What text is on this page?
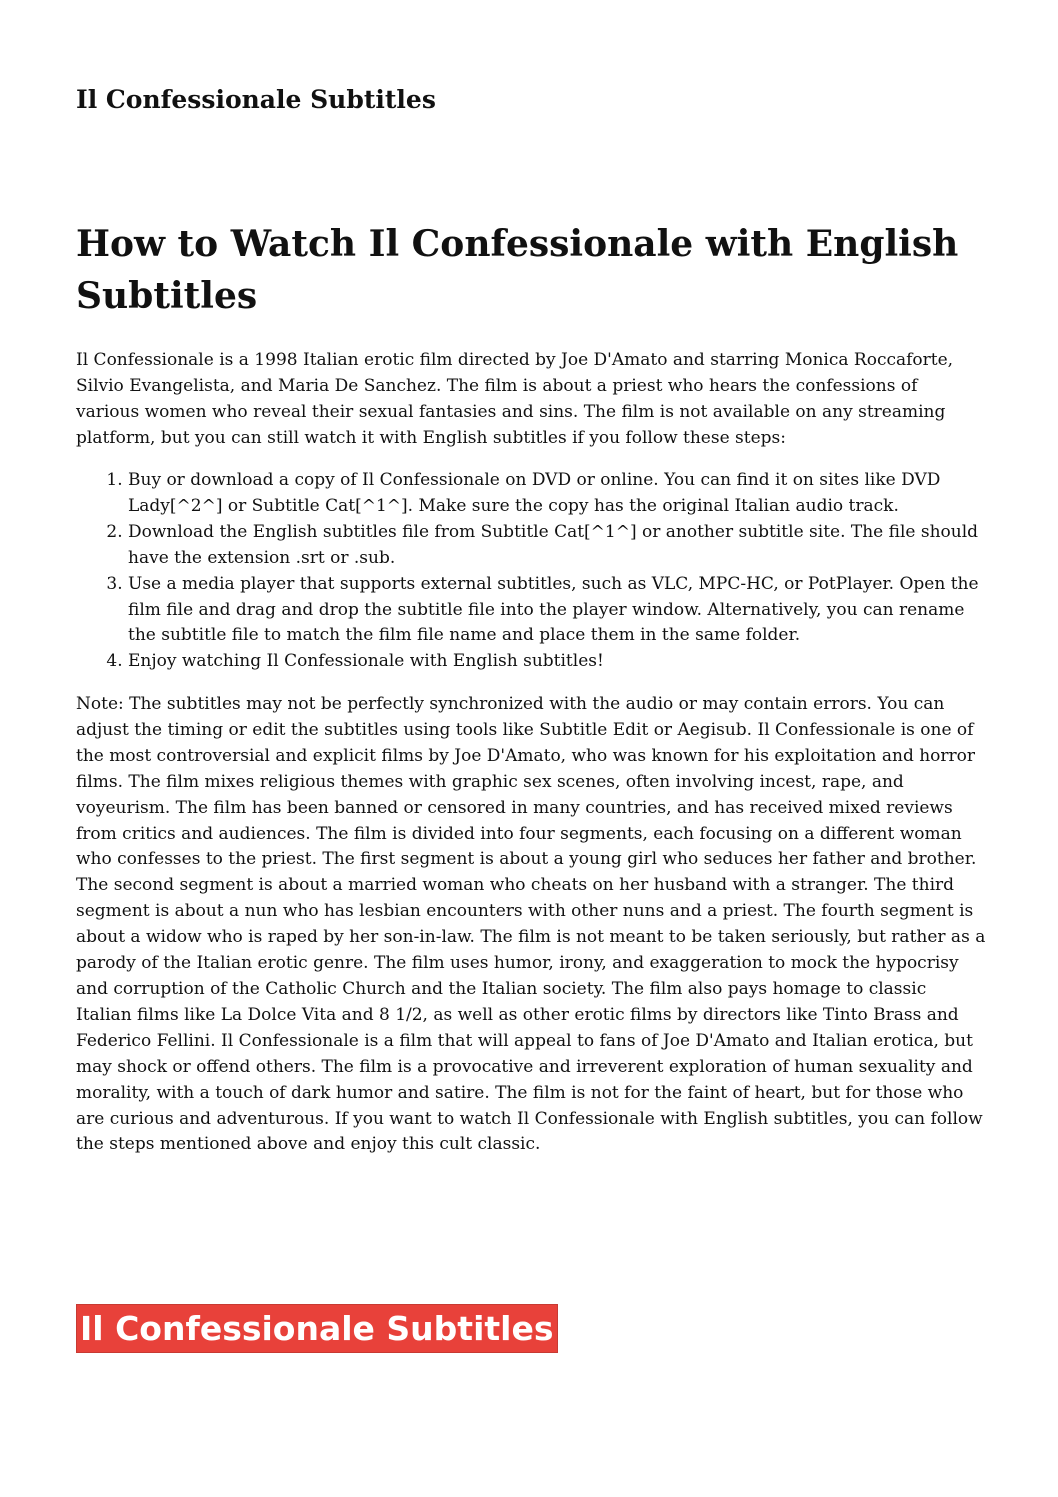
Il Confessionale Subtitles
How to Watch Il Confessionale with English Subtitles

Il Confessionale is a 1998 Italian erotic film directed by Joe D'Amato and starring Monica Roccaforte, Silvio Evangelista, and Maria De Sanchez. The film is about a priest who hears the confessions of various women who reveal their sexual fantasies and sins. The film is not available on any streaming platform, but you can still watch it with English subtitles if you follow these steps:

1. Buy or download a copy of Il Confessionale on DVD or online. You can find it on sites like DVD Lady[^2^] or Subtitle Cat[^1^]. Make sure the copy has the original Italian audio track.
2. Download the English subtitles file from Subtitle Cat[^1^] or another subtitle site. The file should have the extension .srt or .sub.
3. Use a media player that supports external subtitles, such as VLC, MPC-HC, or PotPlayer. Open the film file and drag and drop the subtitle file into the player window. Alternatively, you can rename the subtitle file to match the film file name and place them in the same folder.
4. Enjoy watching Il Confessionale with English subtitles!

Note: The subtitles may not be perfectly synchronized with the audio or may contain errors. You can adjust the timing or edit the subtitles using tools like Subtitle Edit or Aegisub. Il Confessionale is one of the most controversial and explicit films by Joe D'Amato, who was known for his exploitation and horror films. The film mixes religious themes with graphic sex scenes, often involving incest, rape, and voyeurism. The film has been banned or censored in many countries, and has received mixed reviews from critics and audiences. The film is divided into four segments, each focusing on a different woman who confesses to the priest. The first segment is about a young girl who seduces her father and brother. The second segment is about a married woman who cheats on her husband with a stranger. The third segment is about a nun who has lesbian encounters with other nuns and a priest. The fourth segment is about a widow who is raped by her son-in-law. The film is not meant to be taken seriously, but rather as a parody of the Italian erotic genre. The film uses humor, irony, and exaggeration to mock the hypocrisy and corruption of the Catholic Church and the Italian society. The film also pays homage to classic Italian films like La Dolce Vita and 8 1/2, as well as other erotic films by directors like Tinto Brass and Federico Fellini. Il Confessionale is a film that will appeal to fans of Joe D'Amato and Italian erotica, but may shock or offend others. The film is a provocative and irreverent exploration of human sexuality and morality, with a touch of dark humor and satire. The film is not for the faint of heart, but for those who are curious and adventurous. If you want to watch Il Confessionale with English subtitles, you can follow the steps mentioned above and enjoy this cult classic.

Il Confessionale Subtitles
